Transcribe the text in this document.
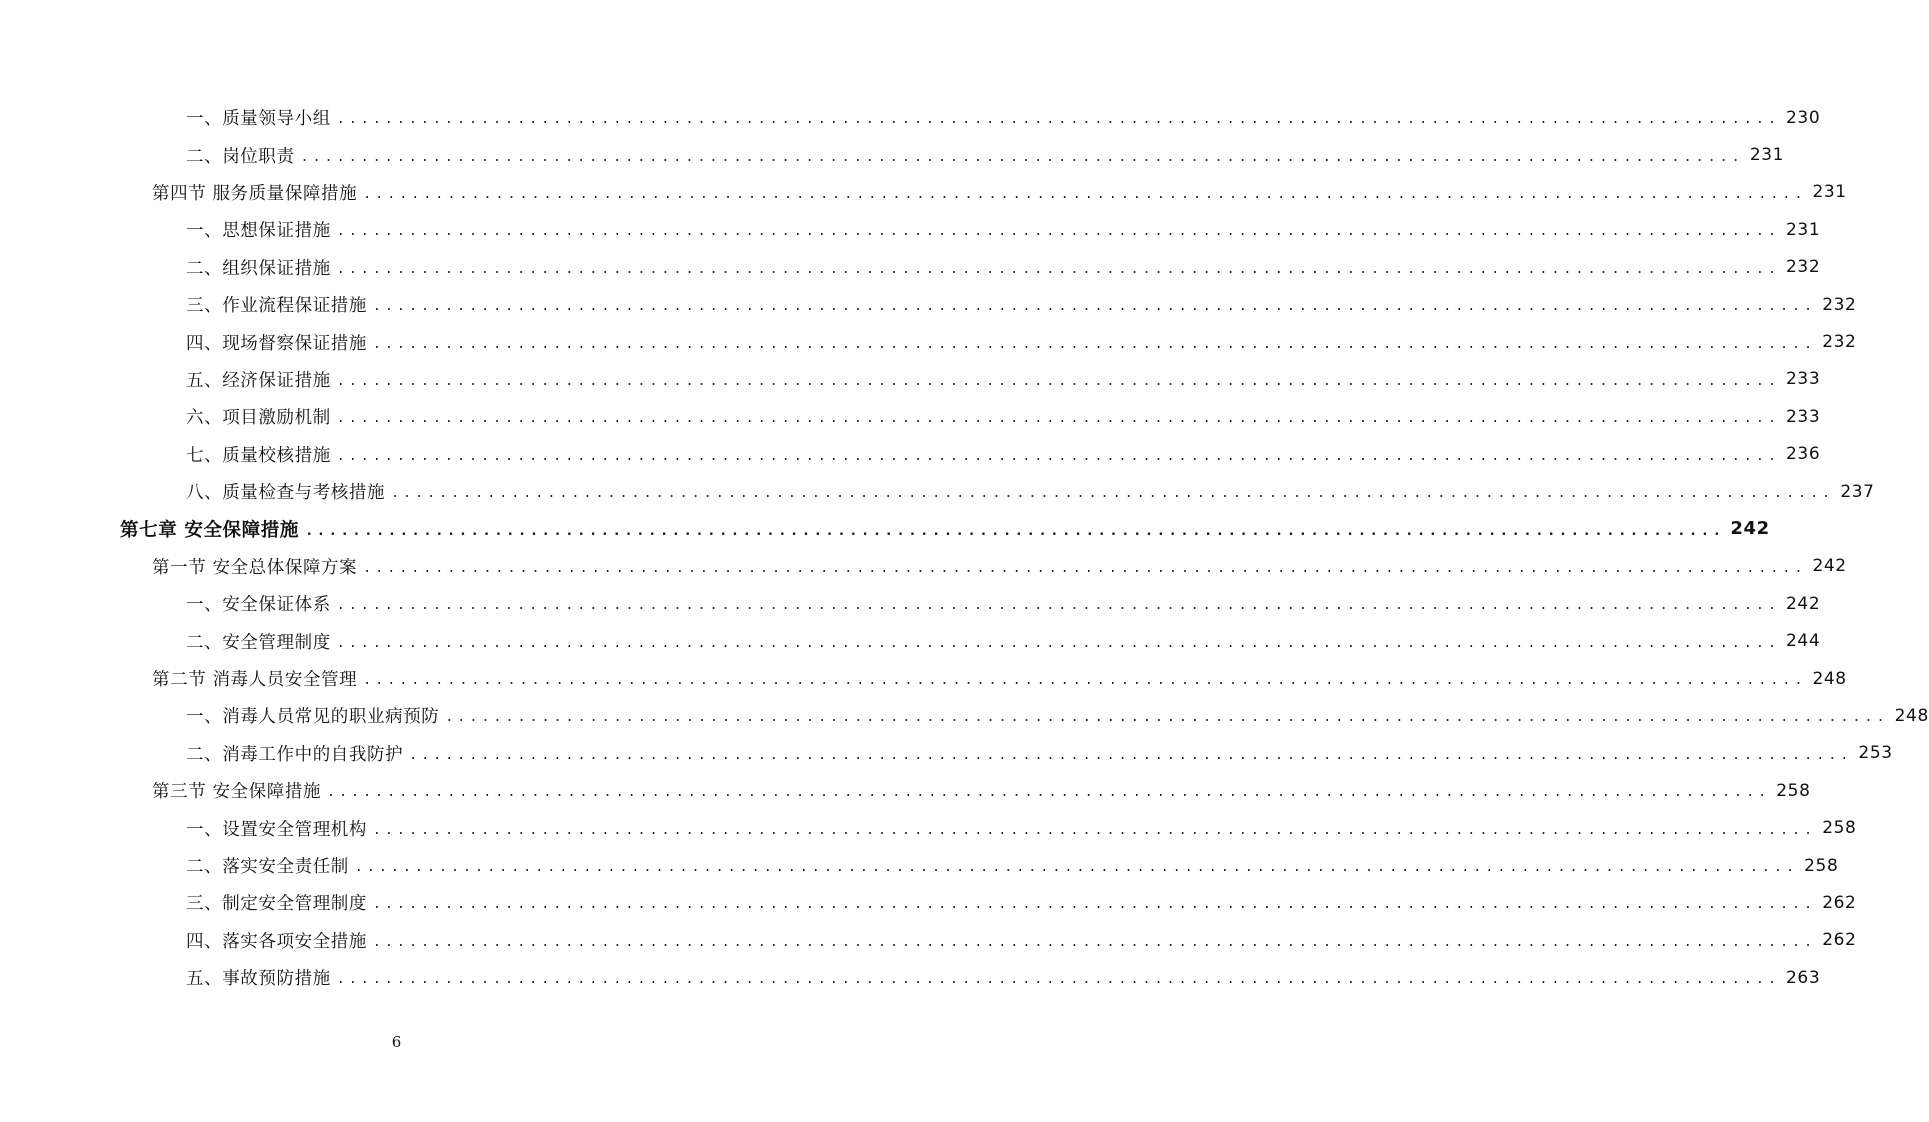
一、质量领导小组 ........................................................................................................................ 230
二、岗位职责 ........................................................................................................................ 231
第四节 服务质量保障措施 ........................................................................................................................ 231
一、思想保证措施 ........................................................................................................................ 231
二、组织保证措施 ........................................................................................................................ 232
三、作业流程保证措施 ........................................................................................................................ 232
四、现场督察保证措施 ........................................................................................................................ 232
五、经济保证措施 ........................................................................................................................ 233
六、项目激励机制 ........................................................................................................................ 233
七、质量校核措施 ........................................................................................................................ 236
八、质量检查与考核措施 ........................................................................................................................ 237
第七章 安全保障措施 ........................................................................................................................ 242
第一节 安全总体保障方案 ........................................................................................................................ 242
一、安全保证体系 ........................................................................................................................ 242
二、安全管理制度 ........................................................................................................................ 244
第二节 消毒人员安全管理 ........................................................................................................................ 248
一、消毒人员常见的职业病预防 ........................................................................................................................ 248
二、消毒工作中的自我防护 ........................................................................................................................ 253
第三节 安全保障措施 ........................................................................................................................ 258
一、设置安全管理机构 ........................................................................................................................ 258
二、落实安全责任制 ........................................................................................................................ 258
三、制定安全管理制度 ........................................................................................................................ 262
四、落实各项安全措施 ........................................................................................................................ 262
五、事故预防措施 ........................................................................................................................ 263
6
